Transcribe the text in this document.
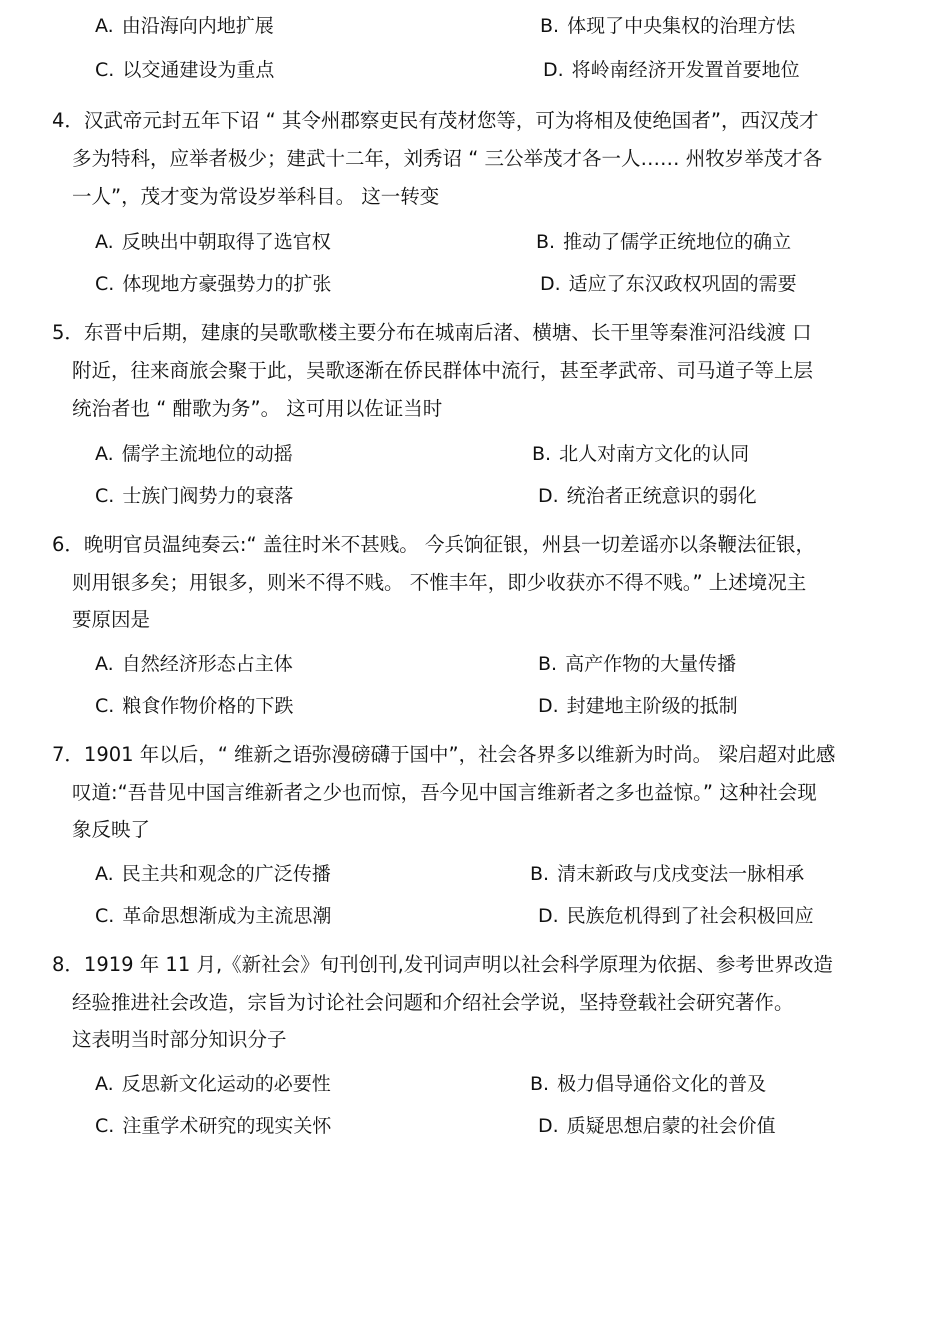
A. 由沿海向内地扩展	B. 体现了中央集权的治理方怯
C. 以交通建设为重点	D. 将岭南经济开发置首要地位
4．汉武帝元封五年下诏 “ 其令州郡察吏民有茂材您等，可为将相及使绝国者”，西汉茂才
多为特科，应举者极少；建武十二年，刘秀诏 “ 三公举茂才各一人…… 州牧岁举茂才各
一人”，茂才变为常设岁举科目。 这一转变
A. 反映出中朝取得了选官权	B. 推动了儒学正统地位的确立
C. 体现地方豪强势力的扩张	D. 适应了东汉政权巩固的需要
5．东晋中后期，建康的吴歌歌楼主要分布在城南后渚、横塘、长干里等秦淮河沿线渡 口
附近，往来商旅会聚于此，吴歌逐渐在侨民群体中流行，甚至孝武帝、司马道子等上层
统治者也 “ 酣歌为务”。 这可用以佐证当时
A. 儒学主流地位的动摇	B. 北人对南方文化的认同
C. 士族门阀势力的衰落	D. 统治者正统意识的弱化
6．晚明官员温纯奏云:“ 盖往时米不甚贱。 今兵饷征银，州县一切差谣亦以条鞭法征银，
则用银多矣；用银多，则米不得不贱。 不惟丰年，即少收获亦不得不贱。” 上述境况主
要原因是
A. 自然经济形态占主体	B. 高产作物的大量传播
C. 粮食作物价格的下跌	D. 封建地主阶级的抵制
7．1901 年以后，“ 维新之语弥漫磅礴于国中”，社会各界多以维新为时尚。 梁启超对此感
叹道:“吾昔见中国言维新者之少也而惊，吾今见中国言维新者之多也益惊。” 这种社会现
象反映了
A. 民主共和观念的广泛传播	B. 清末新政与戊戌变法一脉相承
C. 革命思想渐成为主流思潮	D. 民族危机得到了社会积极回应
8．1919 年 11 月,《新社会》旬刊创刊,发刊词声明以社会科学原理为依据、参考世界改造
经验推进社会改造，宗旨为讨论社会问题和介绍社会学说，坚持登载社会研究著作。
这表明当时部分知识分子
A. 反思新文化运动的必要性	B. 极力倡导通俗文化的普及
C. 注重学术研究的现实关怀	D. 质疑思想启蒙的社会价值
